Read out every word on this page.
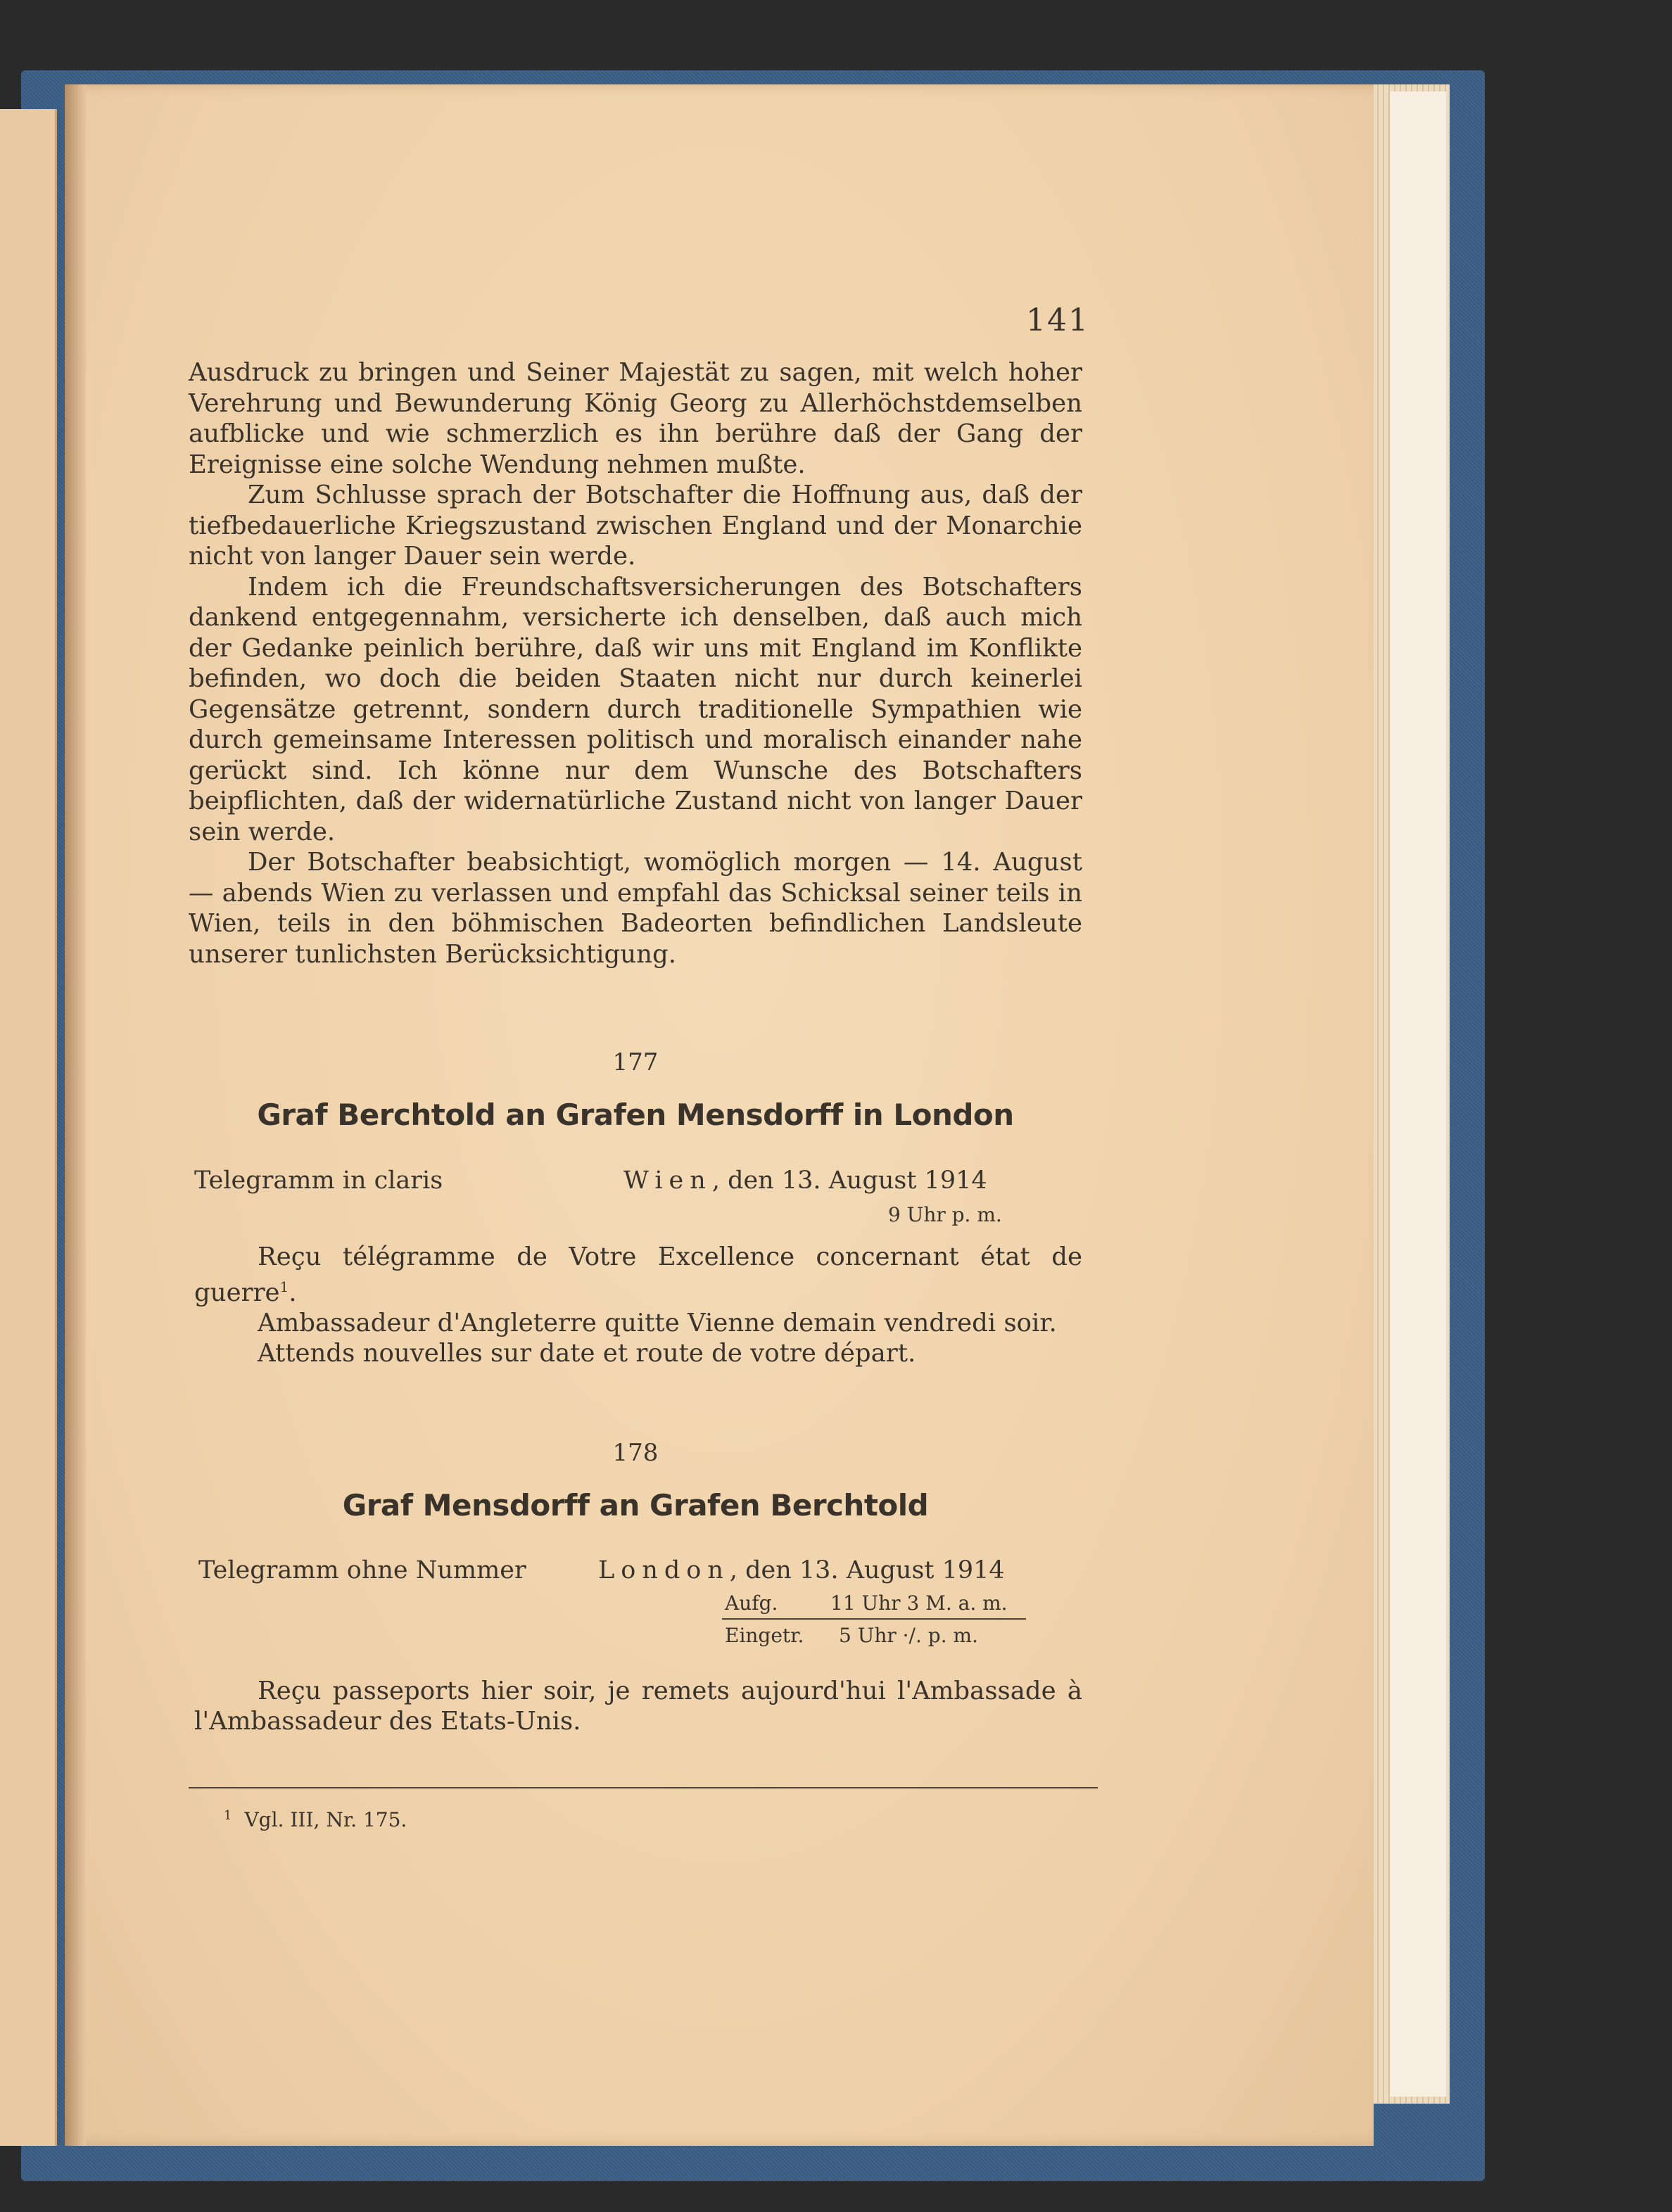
141

Ausdruck zu bringen und Seiner Majestät zu sagen, mit welch hoher Verehrung und Bewunderung König Georg zu Allerhöchstdemselben aufblicke und wie schmerzlich es ihn berühre daß der Gang der Ereignisse eine solche Wendung nehmen mußte.

Zum Schlusse sprach der Botschafter die Hoffnung aus, daß der tiefbedauerliche Kriegszustand zwischen England und der Monarchie nicht von langer Dauer sein werde.

Indem ich die Freundschaftsversicherungen des Botschafters dankend entgegennahm, versicherte ich denselben, daß auch mich der Gedanke peinlich berühre, daß wir uns mit England im Konflikte befinden, wo doch die beiden Staaten nicht nur durch keinerlei Gegensätze getrennt, sondern durch traditionelle Sympathien wie durch gemeinsame Interessen politisch und moralisch einander nahe gerückt sind. Ich könne nur dem Wunsche des Botschafters beipflichten, daß der widernatürliche Zustand nicht von langer Dauer sein werde.

Der Botschafter beabsichtigt, womöglich morgen — 14. August — abends Wien zu verlassen und empfahl das Schicksal seiner teils in Wien, teils in den böhmischen Badeorten befindlichen Landsleute unserer tunlichsten Berücksichtigung.

177
Graf Berchtold an Grafen Mensdorff in London
Telegramm in claris	Wien, den 13. August 1914
9 Uhr p. m.

Reçu télégramme de Votre Excellence concernant état de guerre$^1$.

Ambassadeur d'Angleterre quitte Vienne demain vendredi soir.

Attends nouvelles sur date et route de votre départ.

178
Graf Mensdorff an Grafen Berchtold
Telegramm ohne Nummer	London, den 13. August 1914
Aufg.	11 Uhr 3 M. a. m.
Eingetr. 5 Uhr ·/. p. m.

Reçu passeports hier soir, je remets aujourd'hui l'Ambassade à l'Ambassadeur des Etats-Unis.

$^1$ Vgl. III, Nr. 175.
